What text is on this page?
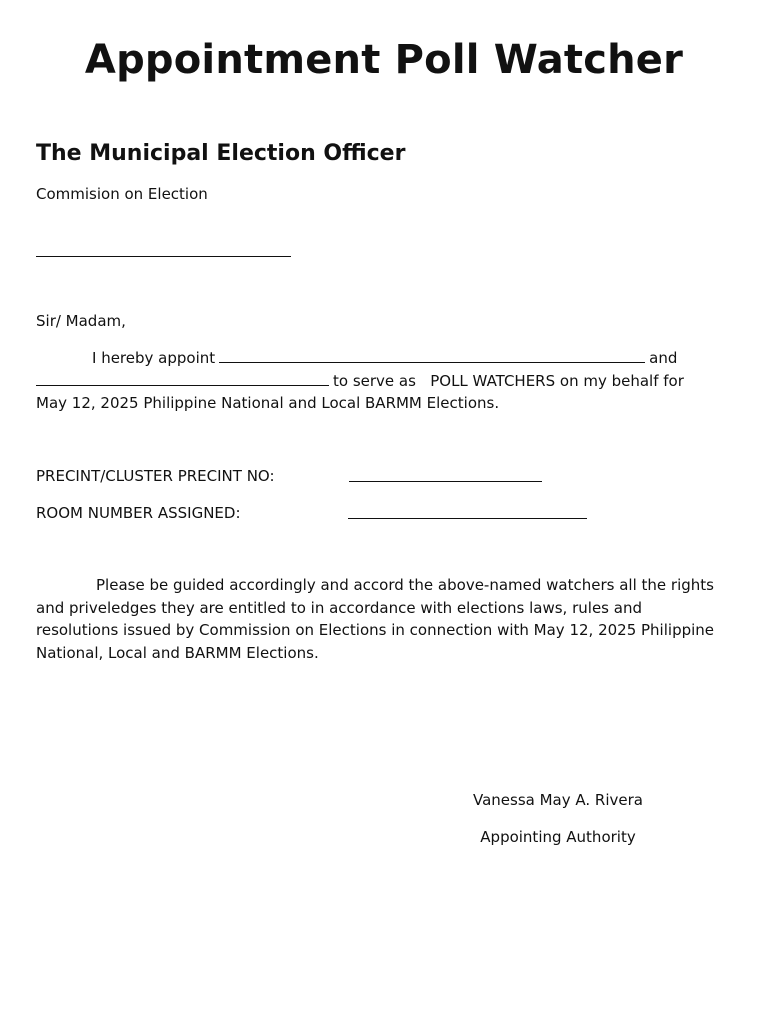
Appointment Poll Watcher
The Municipal Election Officer
Commision on Election
Sir/ Madam,

I hereby appoint	and
to serve as   POLL WATCHERS on my behalf for
May 12, 2025 Philippine National and Local BARMM Elections.

PRECINT/CLUSTER PRECINT NO:
ROOM NUMBER ASSIGNED:

Please be guided accordingly and accord the above-named watchers all the rights and priveledges they are entitled to in accordance with elections laws, rules and resolutions issued by Commission on Elections in connection with May 12, 2025 Philippine National, Local and BARMM Elections.

Vanessa May A. Rivera

Appointing Authority
